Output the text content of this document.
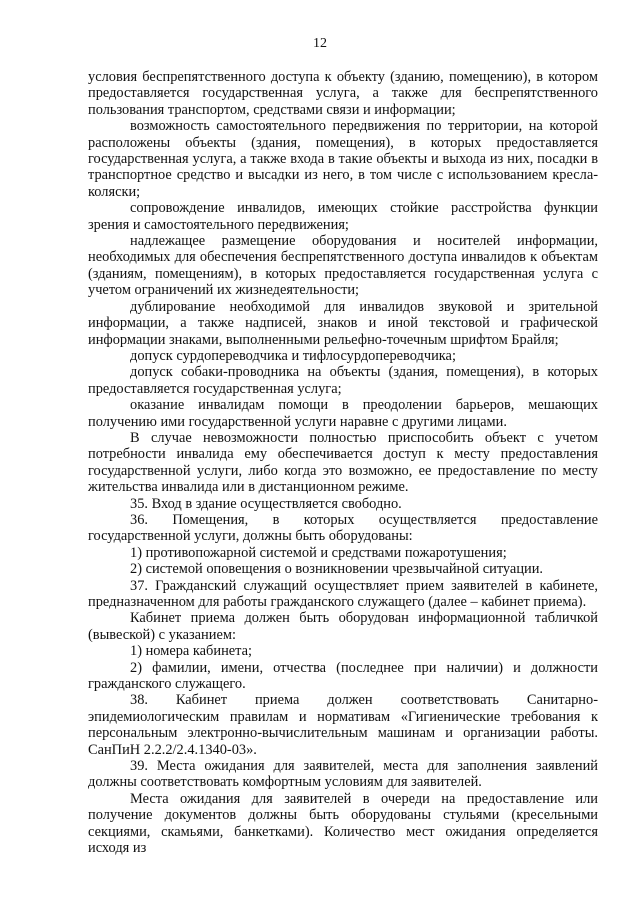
12

условия беспрепятственного доступа к объекту (зданию, помещению), в котором предоставляется государственная услуга, а также для беспрепятственного пользования транспортом, средствами связи и информации;

возможность самостоятельного передвижения по территории, на которой расположены объекты (здания, помещения), в которых предоставляется государственная услуга, а также входа в такие объекты и выхода из них, посадки в транспортное средство и высадки из него, в том числе с использованием кресла-коляски;

сопровождение инвалидов, имеющих стойкие расстройства функции зрения и самостоятельного передвижения;

надлежащее размещение оборудования и носителей информации, необходимых для обеспечения беспрепятственного доступа инвалидов к объектам (зданиям, помещениям), в которых предоставляется государственная услуга с учетом ограничений их жизнедеятельности;

дублирование необходимой для инвалидов звуковой и зрительной информации, а также надписей, знаков и иной текстовой и графической информации знаками, выполненными рельефно-точечным шрифтом Брайля;

допуск сурдопереводчика и тифлосурдопереводчика;

допуск собаки-проводника на объекты (здания, помещения), в которых предоставляется государственная услуга;

оказание инвалидам помощи в преодолении барьеров, мешающих получению ими государственной услуги наравне с другими лицами.

В случае невозможности полностью приспособить объект с учетом потребности инвалида ему обеспечивается доступ к месту предоставления государственной услуги, либо когда это возможно, ее предоставление по месту жительства инвалида или в дистанционном режиме.

35. Вход в здание осуществляется свободно.

36. Помещения, в которых осуществляется предоставление государственной услуги, должны быть оборудованы:

1) противопожарной системой и средствами пожаротушения;

2) системой оповещения о возникновении чрезвычайной ситуации.

37. Гражданский служащий осуществляет прием заявителей в кабинете, предназначенном для работы гражданского служащего (далее – кабинет приема).

Кабинет приема должен быть оборудован информационной табличкой (вывеской) с указанием:

1) номера кабинета;

2) фамилии, имени, отчества (последнее при наличии) и должности гражданского служащего.

38. Кабинет приема должен соответствовать Санитарно-эпидемиологическим правилам и нормативам «Гигиенические требования к персональным электронно-вычислительным машинам и организации работы. СанПиН 2.2.2/2.4.1340-03».

39. Места ожидания для заявителей, места для заполнения заявлений должны соответствовать комфортным условиям для заявителей.

Места ожидания для заявителей в очереди на предоставление или получение документов должны быть оборудованы стульями (кресельными секциями, скамьями, банкетками). Количество мест ожидания определяется исходя из
